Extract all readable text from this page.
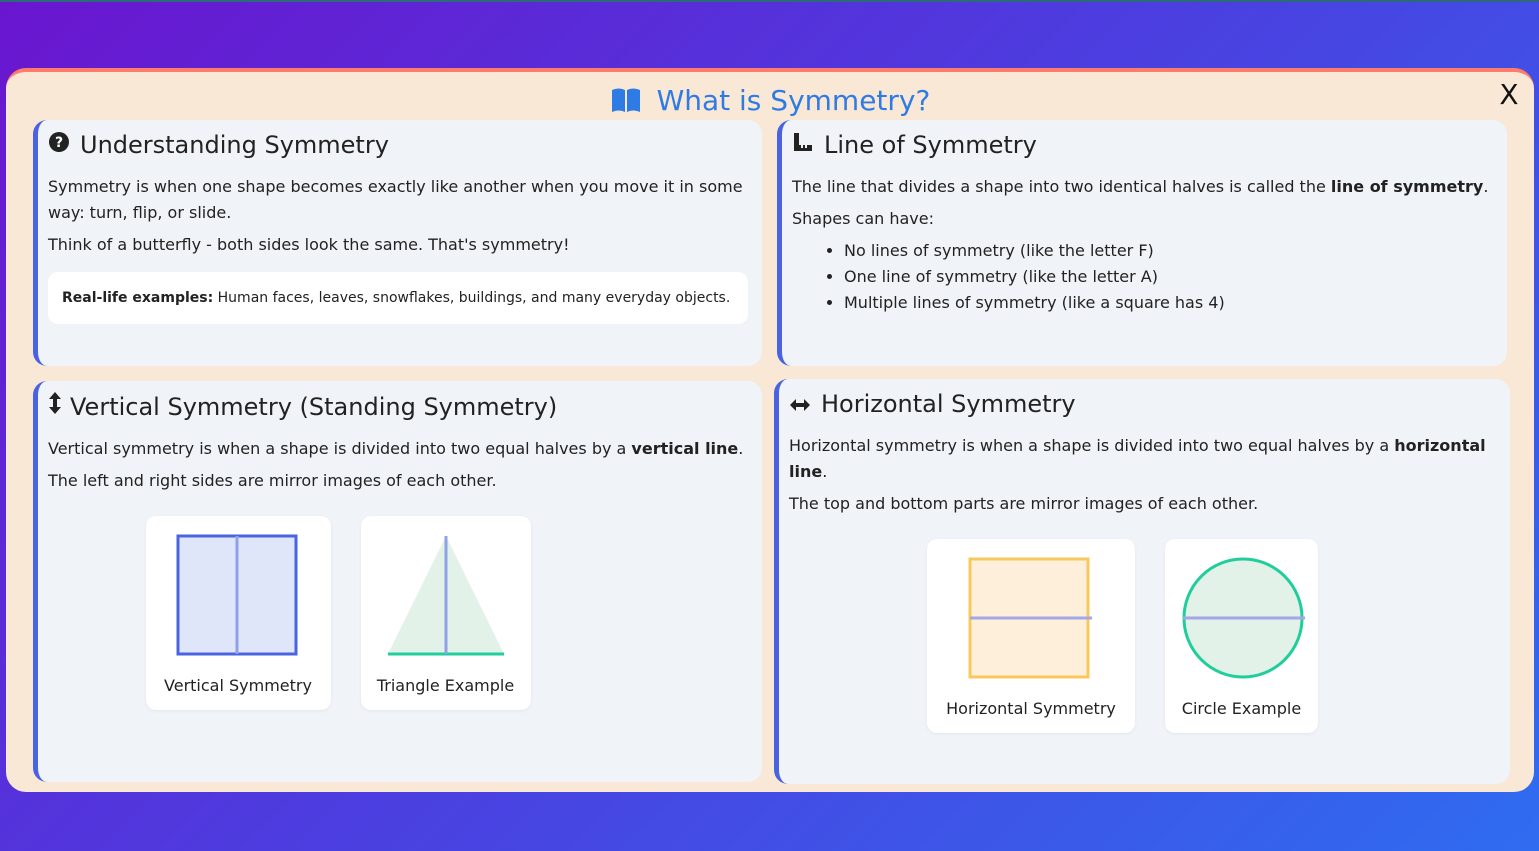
X
What is Symmetry?
? Understanding Symmetry

Symmetry is when one shape becomes exactly like another when you move it in some way: turn, flip, or slide.

Think of a butterfly - both sides look the same. That's symmetry!

Real-life examples: Human faces, leaves, snowflakes, buildings, and many everyday objects.
Line of Symmetry

The line that divides a shape into two identical halves is called the line of symmetry.

Shapes can have:

• No lines of symmetry (like the letter F)
• One line of symmetry (like the letter A)
• Multiple lines of symmetry (like a square has 4)
Vertical Symmetry (Standing Symmetry)

Vertical symmetry is when a shape is divided into two equal halves by a vertical line.

The left and right sides are mirror images of each other.

Vertical Symmetry	Triangle Example
Horizontal Symmetry

Horizontal symmetry is when a shape is divided into two equal halves by a horizontal line.

The top and bottom parts are mirror images of each other.

Horizontal Symmetry	Circle Example
